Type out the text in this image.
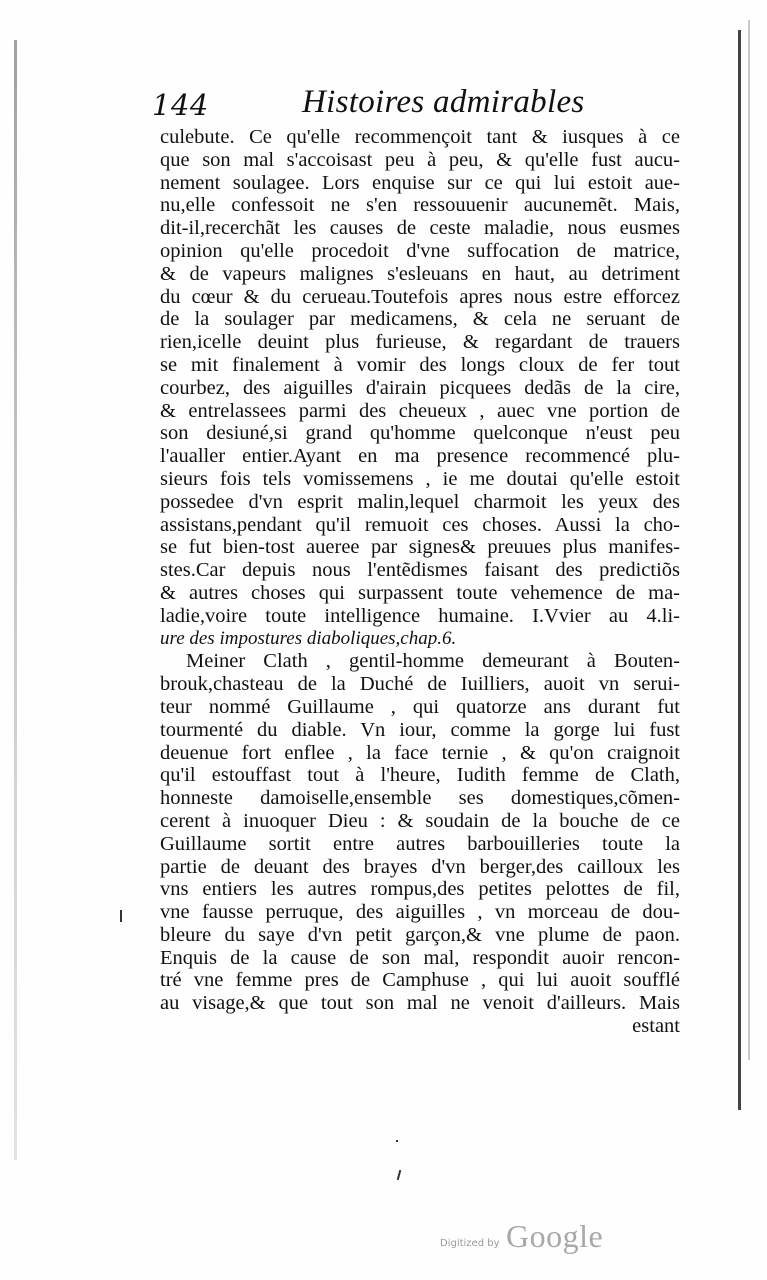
144	Histoires admirables
culebute. Ce qu'elle recommençoit tant & iusques à ce
que son mal s'accoisast peu à peu, & qu'elle fust aucu-
nement soulagee. Lors enquise sur ce qui lui estoit aue-
nu,elle confessoit ne s'en ressouuenir aucunemẽt. Mais,
dit-il,recerchãt les causes de ceste maladie, nous eusmes
opinion qu'elle procedoit d'vne suffocation de matrice,
& de vapeurs malignes s'esleuans en haut, au detriment
du cœur & du cerueau.Toutefois apres nous estre efforcez
de la soulager par medicamens, & cela ne seruant de
rien,icelle deuint plus furieuse, & regardant de trauers
se mit finalement à vomir des longs cloux de fer tout
courbez, des aiguilles d'airain picquees dedãs de la cire,
& entrelassees parmi des cheueux , auec vne portion de
son desiuné,si grand qu'homme quelconque n'eust peu
l'aualler entier.Ayant en ma presence recommencé plu-
sieurs fois tels vomissemens , ie me doutai qu'elle estoit
possedee d'vn esprit malin,lequel charmoit les yeux des
assistans,pendant qu'il remuoit ces choses. Aussi la cho-
se fut bien-tost aueree par signes& preuues plus manifes-
stes.Car depuis nous l'entẽdismes faisant des predictiõs
& autres choses qui surpassent toute vehemence de ma-
ladie,voire toute intelligence humaine. I.Vvier au 4.li-
ure des impostures diaboliques,chap.6.
Meiner Clath , gentil-homme demeurant à Bouten-
brouk,chasteau de la Duché de Iuilliers, auoit vn serui-
teur nommé Guillaume , qui quatorze ans durant fut
tourmenté du diable. Vn iour, comme la gorge lui fust
deuenue fort enflee , la face ternie , & qu'on craignoit
qu'il estouffast tout à l'heure, Iudith femme de Clath,
honneste damoiselle,ensemble ses domestiques,cõmen-
cerent à inuoquer Dieu : & soudain de la bouche de ce
Guillaume sortit entre autres barbouilleries toute la
partie de deuant des brayes d'vn berger,des cailloux les
vns entiers les autres rompus,des petites pelottes de fil,
vne fausse perruque, des aiguilles , vn morceau de dou-
bleure du saye d'vn petit garçon,& vne plume de paon.
Enquis de la cause de son mal, respondit auoir rencon-
tré vne femme pres de Camphuse , qui lui auoit soufflé
au visage,& que tout son mal ne venoit d'ailleurs. Mais
estant
Digitized by Google
